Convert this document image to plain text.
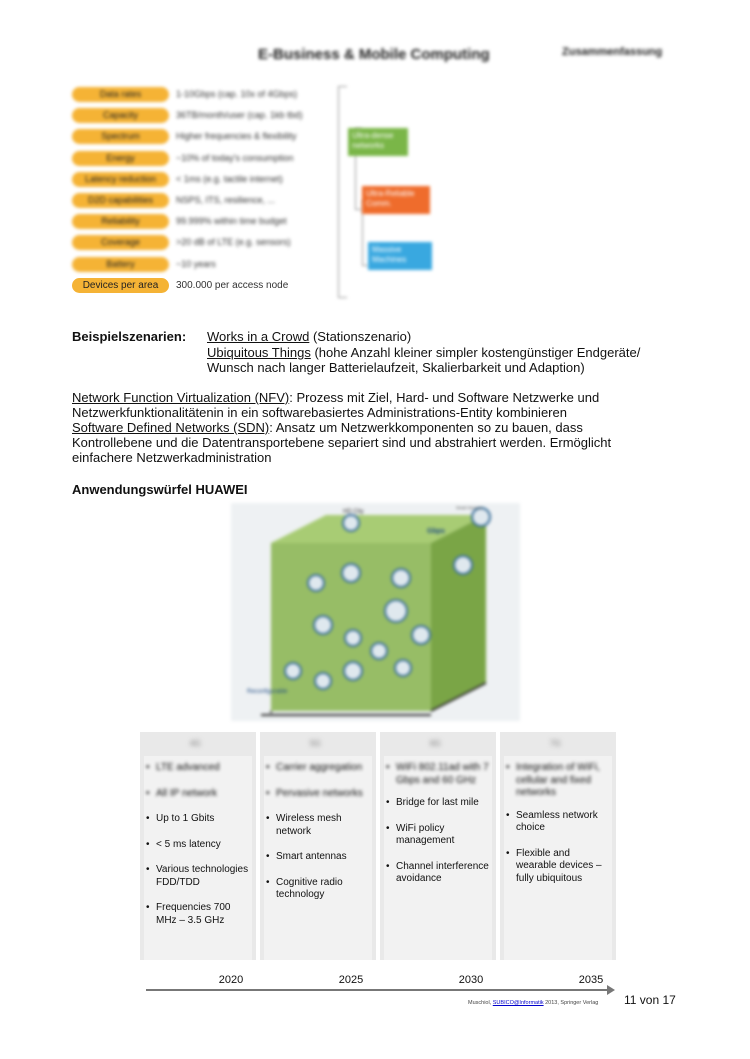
E-Business & Mobile Computing	Zusammenfassung
Data rates	1-10Gbps (cap. 10x of 4Gbps)
Capacity	36TB/month/user (cap. 1kb tbd)
Spectrum	Higher frequencies & flexibility
Energy	~10% of today's consumption
Latency reduction	< 1ms (e.g. tactile internet)
D2D capabilities	NSPS, ITS, resilience, ...
Reliability	99.999% within time budget
Coverage	>20 dB of LTE (e.g. sensors)
Battery	~10 years
Devices per area	300.000 per access node
Ultra-dense networks
Ultra-Reliable Comm.
Massive Machines
Beispielszenarien: Works in a Crowd (Stationszenario)
Ubiquitous Things (hohe Anzahl kleiner simpler kostengünstiger Endgeräte/
Wunsch nach langer Batterielaufzeit, Skalierbarkeit und Adaption)
Network Function Virtualization (NFV): Prozess mit Ziel, Hard- und Software Netzwerke und
Netzwerkfunktionalitätenin in ein softwarebasiertes Administrations-Entity kombinieren
Software Defined Networks (SDN): Ansatz um Netzwerkkomponenten so zu bauen, dass
Kontrollebene und die Datentransportebene separiert sind und abstrahiert werden. Ermöglicht
einfachere Netzwerkadministration
Anwendungswürfel HUAWEI
HD City
Gbps
Smart Sensors
Reconfigurable
4G
• LTE advanced
• All IP network
• Up to 1 Gbits
• < 5 ms latency
• Various technologies FDD/TDD
• Frequencies 700 MHz – 3.5 GHz
5G
• Carrier aggregation
• Pervasive networks
• Wireless mesh network
• Smart antennas
• Cognitive radio technology
6G
• WiFi 802.11ad with 7 Gbps and 60 GHz
• Bridge for last mile
• WiFi policy management
• Channel interference avoidance
7G
• Integration of WiFi, cellular and fixed networks
• Seamless network choice
• Flexible and wearable devices – fully ubiquitous
2020	2025	2030	2035
Muschiol, SUBICO@Informatik 2013, Springer Verlag 11 von 17
